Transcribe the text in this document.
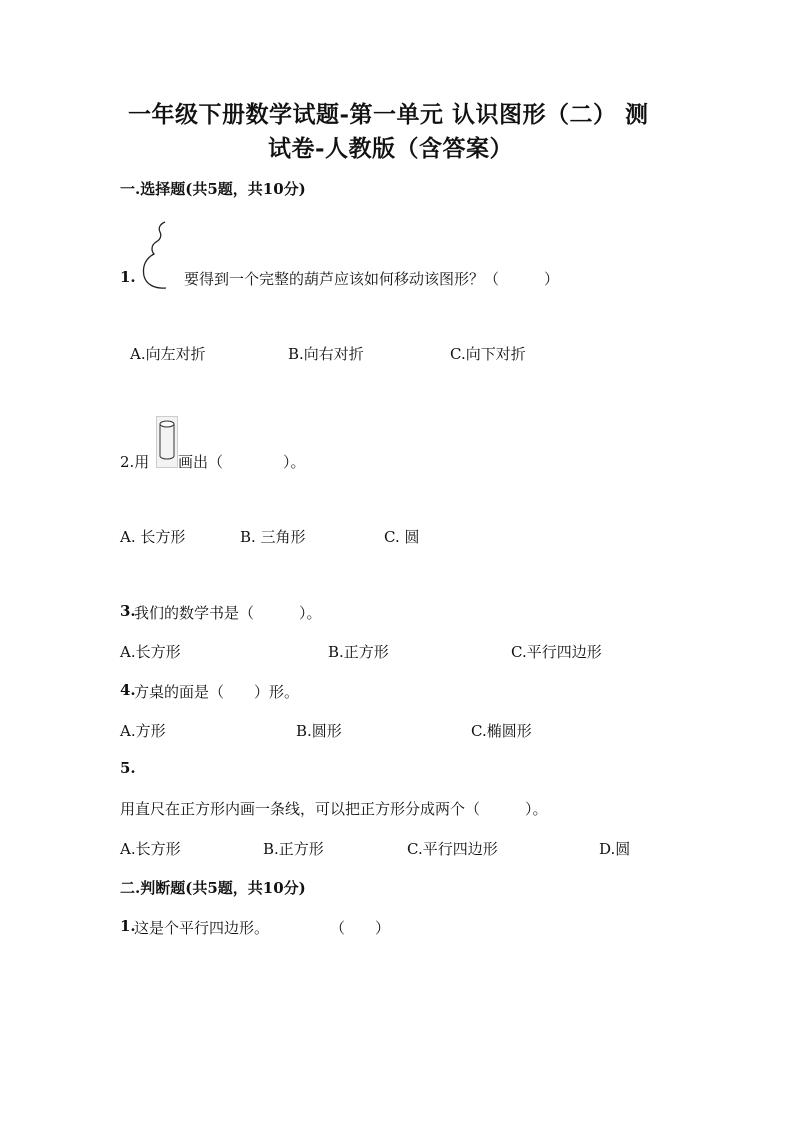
一年级下册数学试题-第一单元 认识图形（二） 测
试卷-人教版（含答案）
一.选择题(共5题，共10分)
1.	要得到一个完整的葫芦应该如何移动该图形？（　　　）
A.向左对折	B.向右对折	C.向下对折
2.用 画出（　　　　）。
A. 长方形	B. 三角形	C. 圆
3.
我们的数学书是（　　　）。
A.长方形	B.正方形	C.平行四边形
4.
方桌的面是（　　）形。
A.方形	B.圆形	C.椭圆形
5.
用直尺在正方形内画一条线，可以把正方形分成两个（　　　）。
A.长方形	B.正方形	C.平行四边形	D.圆
二.判断题(共5题，共10分)
1.
这是个平行四边形。	（　　）
